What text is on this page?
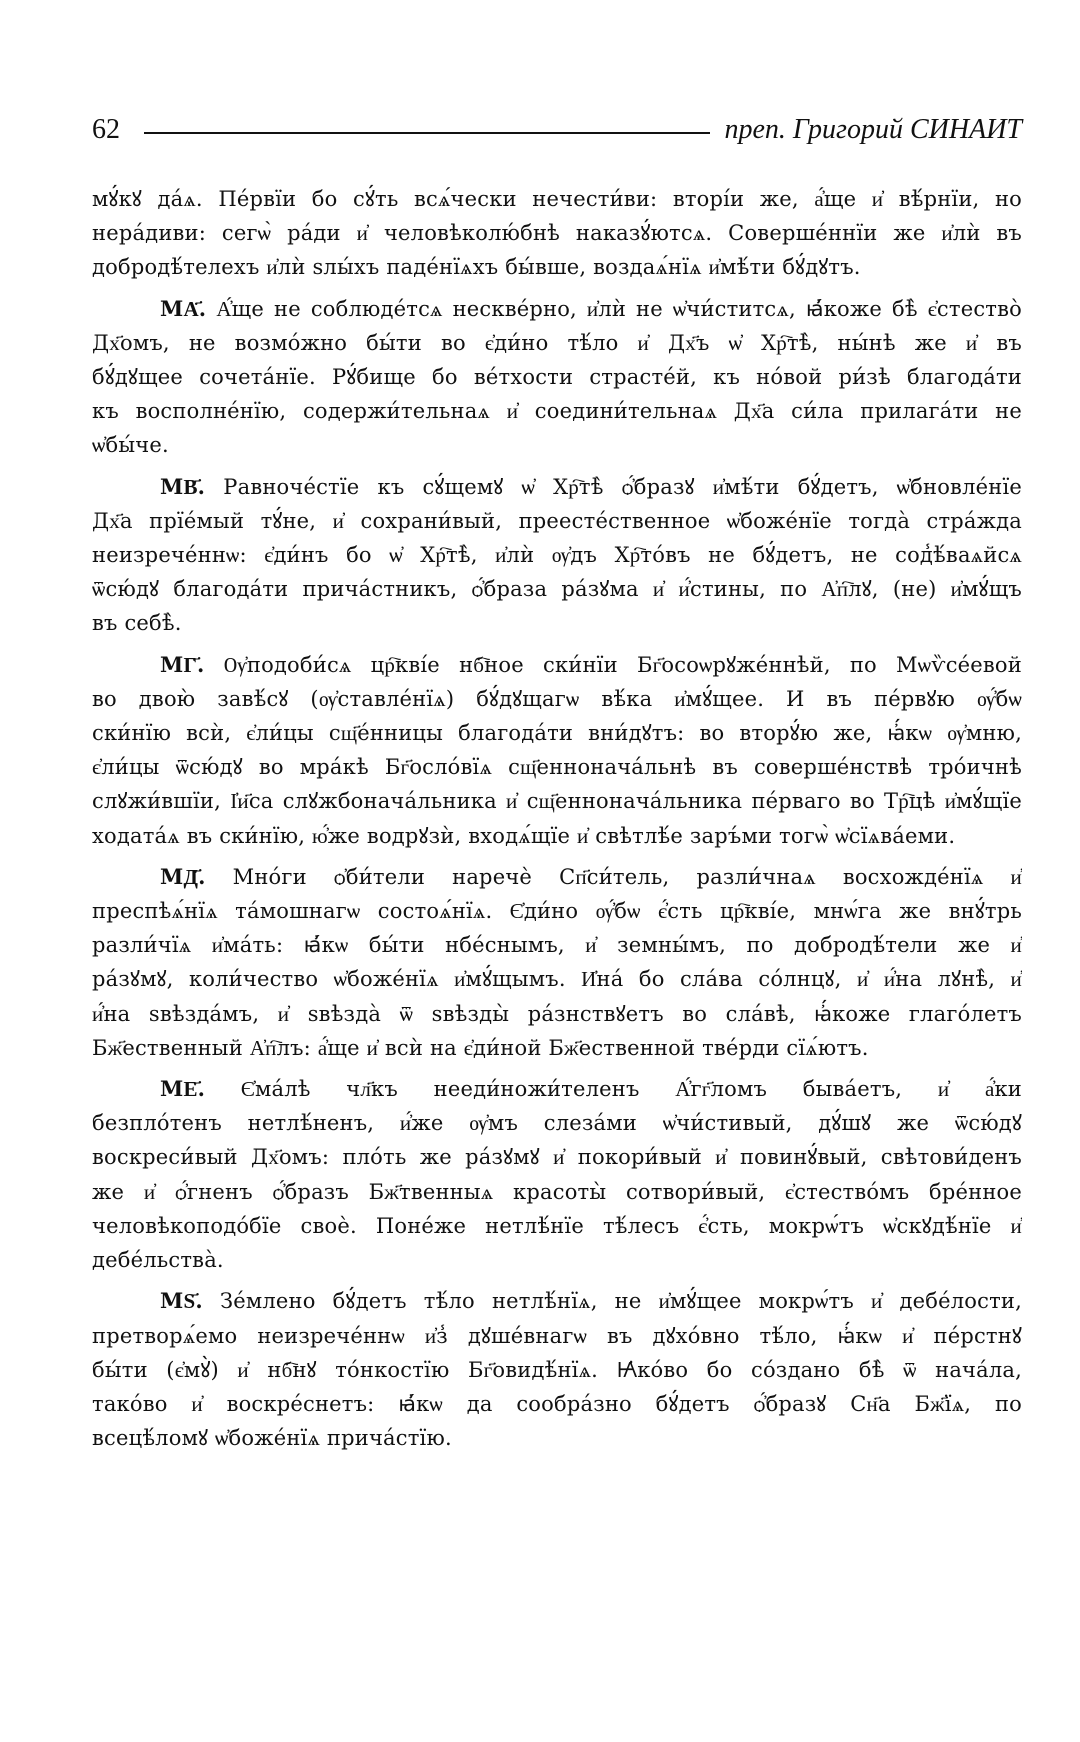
62	преп. Григорий СИНАИТ
мꙋ́кꙋ да́ѧ. Пе́рвїи бо сꙋ́ть всѧ́чески нечести́ви: вторі́и же, а҆́ще и҆ вѣ́рнїи, но
нера́диви: сегѡ̀ ра́ди и҆ человѣколю́бнѣ наказꙋ́ютсѧ. Соверше́ннїи же и҆лѝ въ
добродѣ́телехъ и҆лѝ ѕлы́хъ паде́нїѧхъ бы́вше, воздаѧ́нїѧ и҆мѣ́ти бꙋ́дꙋтъ.
МА҃. А҆́ще не соблюде́тсѧ нескве́рно, и҆лѝ не ѡ҆чи́ститсѧ, ꙗ҆́коже бѣ̀ є҆стество̀
Дх҃омъ, не возмо́жно бы́ти во є҆ди́но тѣ́ло и҆ Дх҃ъ ѡ҆ Хр҇тѣ̀, ны́нѣ же и҆ въ
бꙋ́дꙋщее сочета́нїе. Рꙋ́бище бо ве́тхости страсте́й, къ но́вой ри́зѣ благода́ти
къ восполне́нїю, содержи́тельнаѧ и҆ соедини́тельнаѧ Дх҃а си́ла прилага́ти не
ѡ҆бы́че.
МВ҃. Равноче́стїе къ сꙋ́щемꙋ ѡ҆ Хр҇тѣ̀ ѻ҆́бразꙋ и҆мѣ́ти бꙋ́детъ, ѡ҆бновле́нїе
Дх҃а прїе́мый тꙋ́не, и҆ сохрани́вый, преесте́ственное ѡ҆боже́нїе тогда̀ стра́жда
неизрече́ннѡ: є҆ди́нъ бо ѡ҆ Хр҇тѣ̀, и҆лѝ ѹ҆дъ Хр҇то́въ не бꙋ́детъ, не сод̾ѣ́ваѧйсѧ
ѿсю́дꙋ благода́ти прича́стникъ, ѻ҆́браза ра́зꙋма и҆ и҆́стины, по А҆п҇лꙋ, (не) и҆мꙋ́щъ
въ себѣ̀.
МГ҃. Ѹ҆подоби́сѧ цр҇кві́е нб҇ное ски́нїи Бг҃осоѡрꙋже́ннѣй, по Мѡѷсе́евой
во двою̀ завѣ́сꙋ (ѹ҆ставле́нїѧ) бꙋ́дꙋщагѡ вѣ́ка и҆мꙋ́щее. И въ пе́рвꙋю ѹ҆́бѡ
ски́нїю всѝ, є҆ли́цы сщ҃е́нницы благода́ти вни́дꙋтъ: во вторꙋ́ю же, ꙗ҆́кѡ ѹ҆мню,
є҆ли́цы ѿсю́дꙋ во мра́кѣ Бг҃осло́вїѧ сщ҃еннонача́льнѣ въ соверше́нствѣ тро́ичнѣ
слꙋжи́вшїи, І҆и҃са слꙋжбонача́льника и҆ сщ҃еннонача́льника пе́рваго во Тр҇цѣ и҆мꙋ́щїе
ходата́ѧ въ ски́нїю, ю҆́же водрꙋзѝ, входѧ́щїе и҆ свѣтлѣ́е заръ́ми тогѡ̀ ѡ҆сїѧва́еми.
МД҃. Мно́ги ѻ҆би́тели наречѐ Сп҃си́тель, разли́чнаѧ восхожде́нїѧ и҆
преспѣѧ́нїѧ та́мошнагѡ состоѧ́нїѧ. Є҆ди́но ѹ҆́бѡ є҆́сть цр҇кві́е, мнѡ́га же внꙋ́трь
разли́чїѧ и҆ма́ть: ꙗ҆́кѡ бы́ти нбе́снымъ, и҆ земны́мъ, по добродѣ́тели же и҆
ра́зꙋмꙋ, коли́чество ѡ҆боже́нїѧ и҆мꙋ́щымъ. И҆на́ бо сла́ва со́лнцꙋ, и҆ и҆́на лꙋнѣ̀, и҆
и҆́на ѕвѣзда́мъ, и҆ ѕвѣзда̀ ѿ ѕвѣзды̀ ра́знствꙋетъ во сла́вѣ, ꙗ҆́коже глаго́летъ
Бж҃ественный А҆п҇лъ: а҆́ще и҆ всѝ на є҆ди́ной Бж҃ественной тве́рди сїѧ́ютъ.
МЕ҃. Є҆ма́лѣ чл҃къ нееди́ножи́теленъ А҆́гг҃ломъ быва́етъ, и҆ а҆́ки
безпло́тенъ нетлѣ́ненъ, и҆́же ѹ҆мъ слеза́ми ѡ҆чи́стивый, дꙋ́шꙋ же ѿсю́дꙋ
воскреси́вый Дх҃омъ: пло́ть же ра́зꙋмꙋ и҆ покори́вый и҆ повинꙋ́вый, свѣтови́денъ
же и҆ ѻ҆́гненъ ѻ҆́бразъ Бж҃твенныѧ красоты̀ сотвори́вый, є҆стество́мъ бре́нное
человѣкоподо́бїе своѐ. Поне́же нетлѣ́нїе тѣ́лесъ є҆́сть, мокрѡ́тъ ѡ҆скꙋдѣ́нїе и҆
дебе́льства̀.
МЅ҃. Зе́млено бꙋ́детъ тѣ́ло нетлѣ́нїѧ, не и҆мꙋ́щее мокрѡ́тъ и҆ дебе́лости,
претворѧ́емо неизрече́ннѡ и҆з̾ дꙋше́внагѡ въ дꙋхо́вно тѣ́ло, ꙗ҆́кѡ и҆ пе́рстнꙋ
бы́ти (є҆мꙋ̀) и҆ нб҇нꙋ то́нкостїю Бг҃овидѣ́нїѧ. Ꙗ҆ко́во бо со́здано бѣ̀ ѿ нача́ла,
тако́во и҆ воскре́снетъ: ꙗ҆́кѡ да сообра́зно бꙋ́детъ ѻ҆́бразꙋ Сн҃а Бж҃їѧ, по
всецѣ́ломꙋ ѡ҆боже́нїѧ прича́стїю.
